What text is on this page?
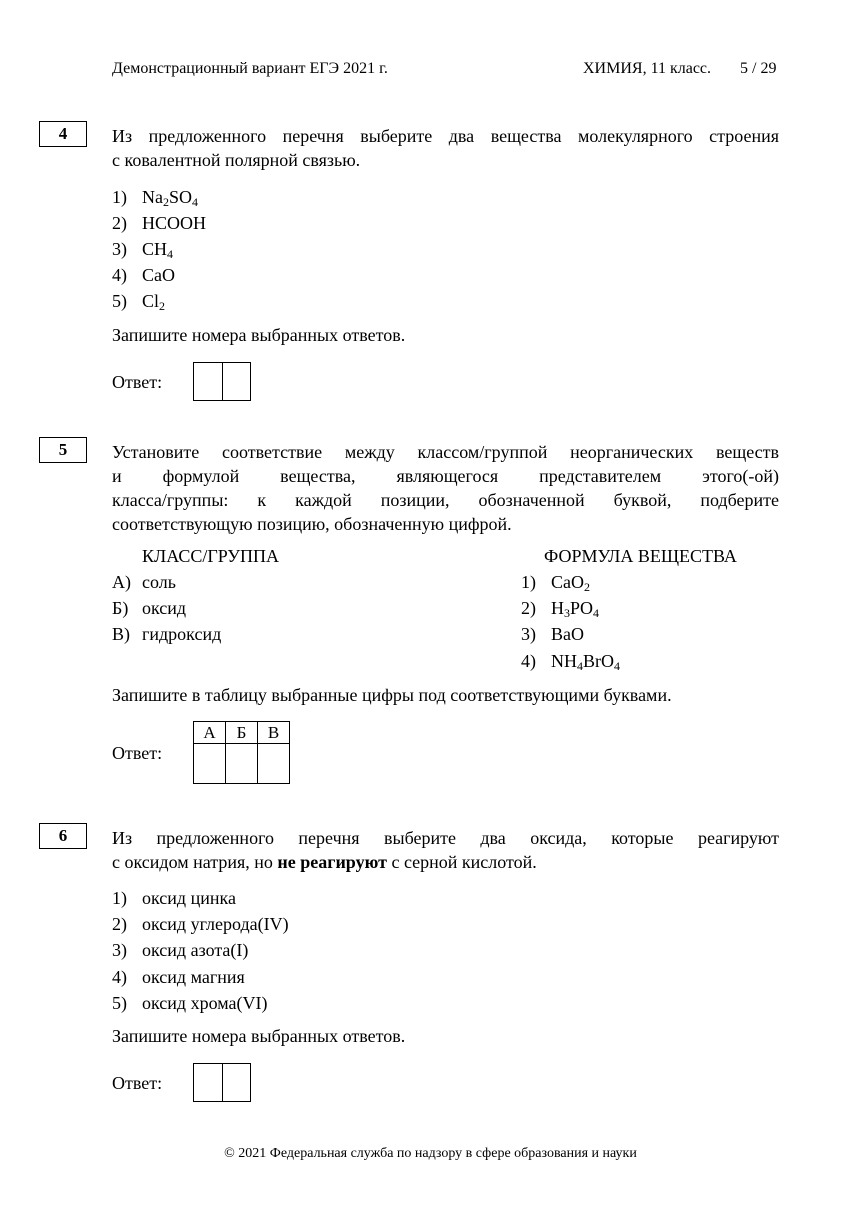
Демонстрационный вариант ЕГЭ 2021 г.	ХИМИЯ, 11 класс. 5 / 29
4	Из предложенного перечня выберите два вещества молекулярного строения
с ковалентной полярной связью.
1) $Na_2SO_4$
2) HCOOH
3) $CH_4$
4) CaO
5) $Cl_2$
Запишите номера выбранных ответов.
Ответ:
5	Установите соответствие между классом/группой неорганических веществ
и формулой вещества, являющегося представителем этого(-ой)
класса/группы: к каждой позиции, обозначенной буквой, подберите
соответствующую позицию, обозначенную цифрой.
КЛАСС/ГРУППА	ФОРМУЛА ВЕЩЕСТВА
А) соль
Б) оксид
В) гидроксид
1) CaO$_2$
2) $H_3PO_4$
3) BaO
4) $NH_4BrO_4$
Запишите в таблицу выбранные цифры под соответствующими буквами.
Ответ:
А	Б	В

6	Из предложенного перечня выберите два оксида, которые реагируют
с оксидом натрия, но не реагируют с серной кислотой.
1) оксид цинка
2) оксид углерода(IV)
3) оксид азота(I)
4) оксид магния
5) оксид хрома(VI)
Запишите номера выбранных ответов.
Ответ:
© 2021 Федеральная служба по надзору в сфере образования и науки
